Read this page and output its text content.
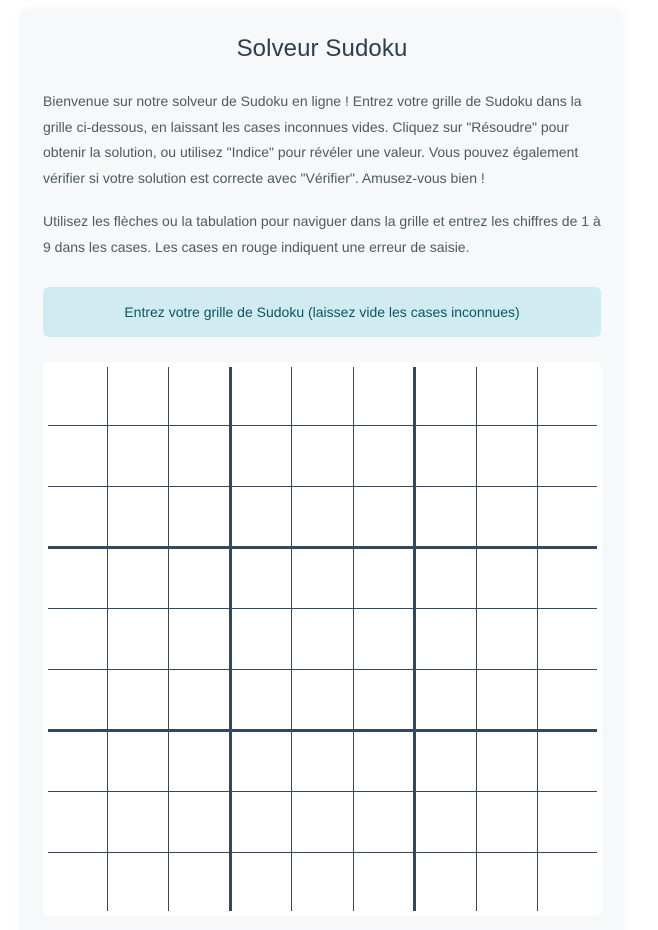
Solveur Sudoku

Bienvenue sur notre solveur de Sudoku en ligne ! Entrez votre grille de Sudoku dans la grille ci-dessous, en laissant les cases inconnues vides. Cliquez sur "Résoudre" pour obtenir la solution, ou utilisez "Indice" pour révéler une valeur. Vous pouvez également vérifier si votre solution est correcte avec "Vérifier". Amusez-vous bien !

Utilisez les flèches ou la tabulation pour naviguer dans la grille et entrez les chiffres de 1 à 9 dans les cases. Les cases en rouge indiquent une erreur de saisie.

Entrez votre grille de Sudoku (laissez vide les cases inconnues)
